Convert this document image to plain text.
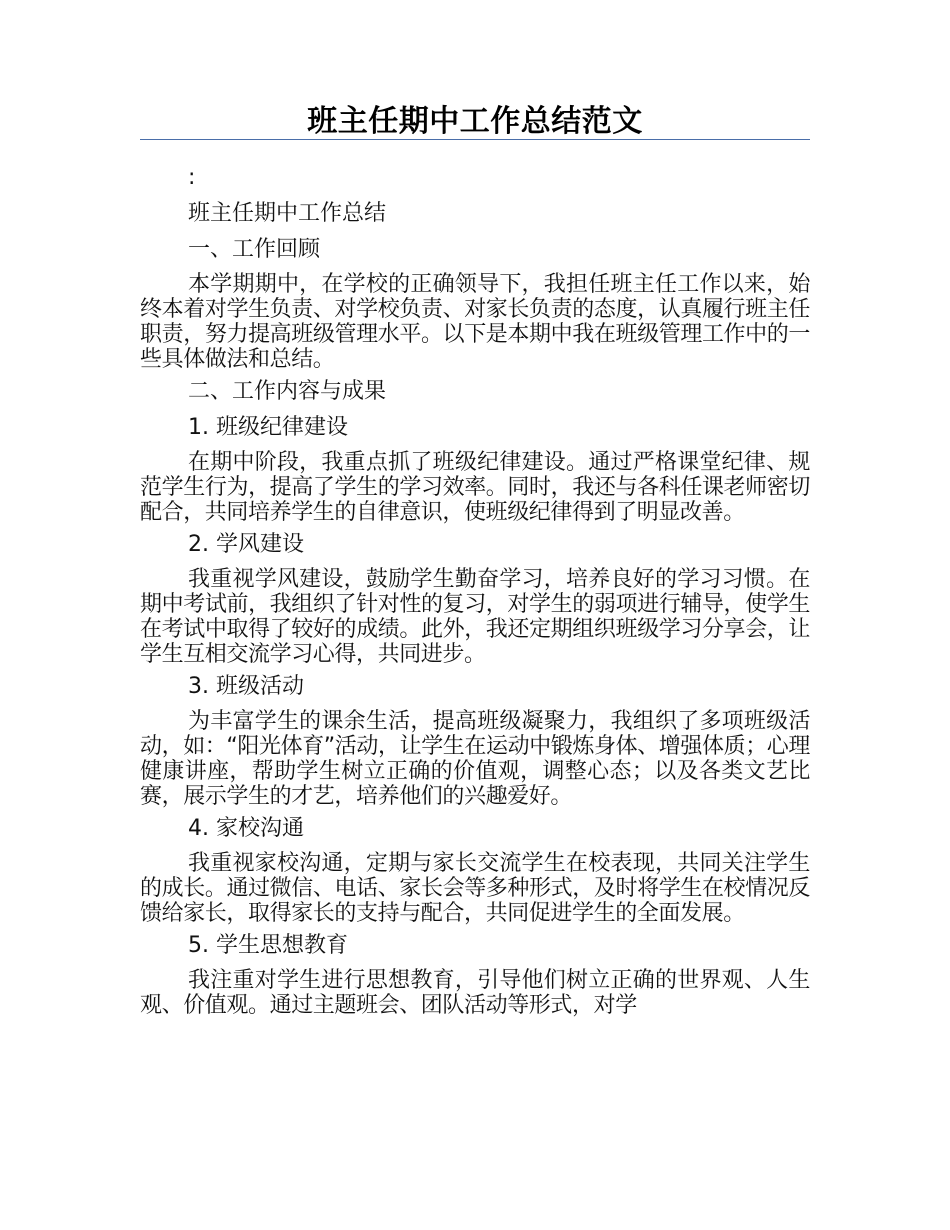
班主任期中工作总结范文

:

班主任期中工作总结

一、工作回顾

本学期期中，在学校的正确领导下，我担任班主任工作以来，始终本着对学生负责、对学校负责、对家长负责的态度，认真履行班主任职责，努力提高班级管理水平。以下是本期中我在班级管理工作中的一些具体做法和总结。

二、工作内容与成果

1. 班级纪律建设

在期中阶段，我重点抓了班级纪律建设。通过严格课堂纪律、规范学生行为，提高了学生的学习效率。同时，我还与各科任课老师密切配合，共同培养学生的自律意识，使班级纪律得到了明显改善。

2. 学风建设

我重视学风建设，鼓励学生勤奋学习，培养良好的学习习惯。在期中考试前，我组织了针对性的复习，对学生的弱项进行辅导，使学生在考试中取得了较好的成绩。此外，我还定期组织班级学习分享会，让学生互相交流学习心得，共同进步。

3. 班级活动

为丰富学生的课余生活，提高班级凝聚力，我组织了多项班级活动，如：“阳光体育”活动，让学生在运动中锻炼身体、增强体质；心理健康讲座，帮助学生树立正确的价值观，调整心态；以及各类文艺比赛，展示学生的才艺，培养他们的兴趣爱好。

4. 家校沟通

我重视家校沟通，定期与家长交流学生在校表现，共同关注学生的成长。通过微信、电话、家长会等多种形式，及时将学生在校情况反馈给家长，取得家长的支持与配合，共同促进学生的全面发展。

5. 学生思想教育

我注重对学生进行思想教育，引导他们树立正确的世界观、人生观、价值观。通过主题班会、团队活动等形式，对学
